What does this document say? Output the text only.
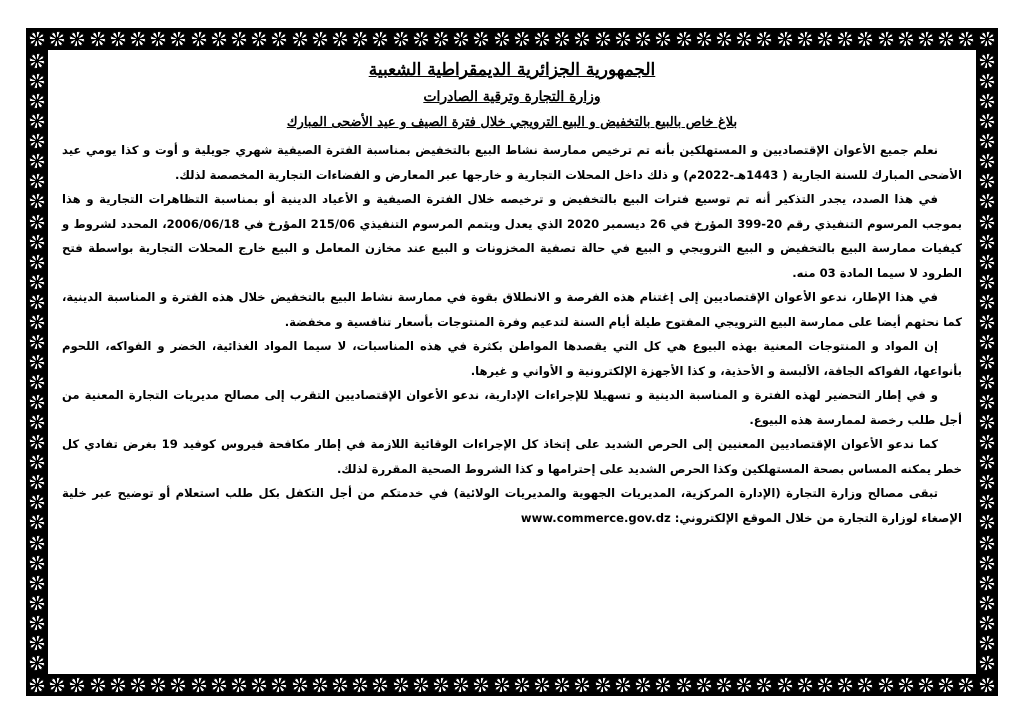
الجمهورية الجزائرية الديمقراطية الشعبية
وزارة التجارة وترقية الصادرات
بلاغ خاص بالبيع بالتخفيض و البيع الترويجي خلال فترة الصيف و عيد الأضحى المبارك

نعلم جميع الأعوان الإقتصاديين و المستهلكين بأنه تم ترخيص ممارسة نشاط البيع بالتخفيض بمناسبة الفترة الصيفية شهري جويلية و أوت و كذا يومي عيد الأضحى المبارك للسنة الجارية ( 1443هـ-2022م) و ذلك داخل المحلات التجارية و خارجها عبر المعارض و الفضاءات التجارية المخصصة لذلك.

في هذا الصدد، يجدر التذكير أنه تم توسيع فترات البيع بالتخفيض و ترخيصه خلال الفترة الصيفية و الأعياد الدينية أو بمناسبة التظاهرات التجارية و هذا بموجب المرسوم التنفيذي رقم 20-399 المؤرخ في 26 ديسمبر 2020 الذي يعدل ويتمم المرسوم التنفيذي 215/06 المؤرخ في 2006/06/18، المحدد لشروط و كيفيات ممارسة البيع بالتخفيض و البيع الترويجي و البيع في حالة تصفية المخزونات و البيع عند مخازن المعامل و البيع خارج المحلات التجارية بواسطة فتح الطرود لا سيما المادة 03 منه.

في هذا الإطار، ندعو الأعوان الإقتصاديين إلى إغتنام هذه الفرصة و الانطلاق بقوة في ممارسة نشاط البيع بالتخفيض خلال هذه الفترة و المناسبة الدينية، كما نحثهم أيضا على ممارسة البيع الترويجي المفتوح طيلة أيام السنة لتدعيم وفرة المنتوجات بأسعار تنافسية و مخفضة.

إن المواد و المنتوجات المعنية بهذه البيوع هي كل التي يقصدها المواطن بكثرة في هذه المناسبات، لا سيما المواد الغذائية، الخضر و الفواكه، اللحوم بأنواعها، الفواكه الجافة، الألبسة و الأحذية، و كذا الأجهزة الإلكترونية و الأواني و غيرها.

و في إطار التحضير لهذه الفترة و المناسبة الدينية و تسهيلا للإجراءات الإدارية، ندعو الأعوان الإقتصاديين التقرب إلى مصالح مديريات التجارة المعنية من أجل طلب رخصة لممارسة هذه البيوع.

كما ندعو الأعوان الإقتصاديين المعنيين إلى الحرص الشديد على إتخاذ كل الإجراءات الوقائية اللازمة في إطار مكافحة فيروس كوفيد 19 بغرض تفادي كل خطر يمكنه المساس بصحة المستهلكين وكذا الحرص الشديد على إحترامها و كذا الشروط الصحية المقررة لذلك.

تبقى مصالح وزارة التجارة (الإدارة المركزية، المديريات الجهوية والمديريات الولائية) في خدمتكم من أجل التكفل بكل طلب استعلام أو توضيح عبر خلية الإصغاء لوزارة التجارة من خلال الموقع الإلكتروني: www.commerce.gov.dz
